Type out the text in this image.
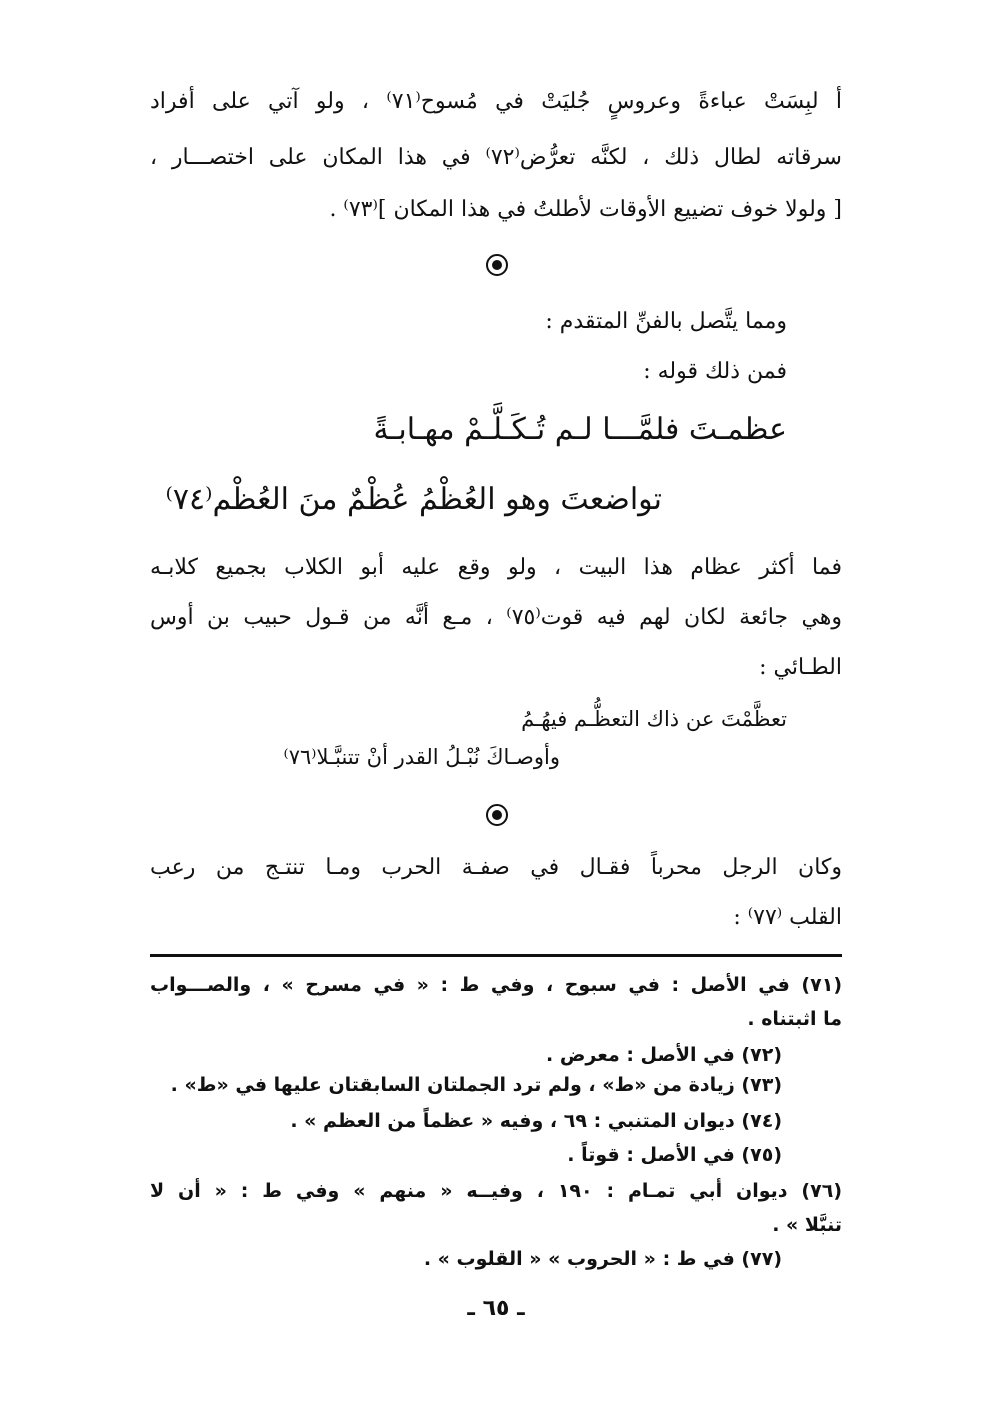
أ لبِسَتْ عباءةً وعروسٍ جُليَتْ في مُسوح⁽٧١⁾ ، ولو آتي على أفراد
سرقاته لطال ذلك ، لكنَّه تعرُّض⁽٧٢⁾ في هذا المكان على اختصـــار ،
[ ولولا خوف تضييع الأوقات لأطلتُ في هذا المكان ]⁽٧٣⁾ .
ومما يتَّصل بالفنِّ المتقدم :
فمن ذلك قوله :
عظمـتَ فلمَّـــا لـم تُـكَـلَّـمْ مهـابـةً
تواضعتَ وهو العُظْمُ عُظْمٌ منَ العُظْم⁽٧٤⁾
فما أكثر عظام هذا البيت ، ولو وقع عليه أبو الكلاب بجميع كلابـه
وهي جائعة لكان لهم فيه قوت⁽٧٥⁾ ، مـع أنَّه من قـول حبيب بن أوس
الطـائي :
تعظَّمْتَ عن ذاك التعظُّـم فيهُـمُ
وأوصـاكَ نُبْـلُ القدر أنْ تتنبَّـلا⁽٧٦⁾
وكان الرجل محرباً فقـال في صفـة الحرب ومـا تنتـج من رعب
القلب ⁽٧٧⁾ :
(٧١) في الأصل : في سبوح ، وفي ط : « في مسرح » ، والصـــواب
ما اثبتناه .
(٧٢) في الأصل : معرض .
(٧٣) زيادة من «ط» ، ولم ترد الجملتان السابقتان عليها في «ط» .
(٧٤) ديوان المتنبي : ٦٩ ، وفيه « عظماً من العظم » .
(٧٥) في الأصل : قوتاً .
(٧٦) ديوان أبي تمـام : ١٩٠ ، وفيــه « منهم » وفي ط : « أن لا
تنبَّلا » .
(٧٧) في ط : « الحروب » « القلوب » .
ـ ٦٥ ـ
